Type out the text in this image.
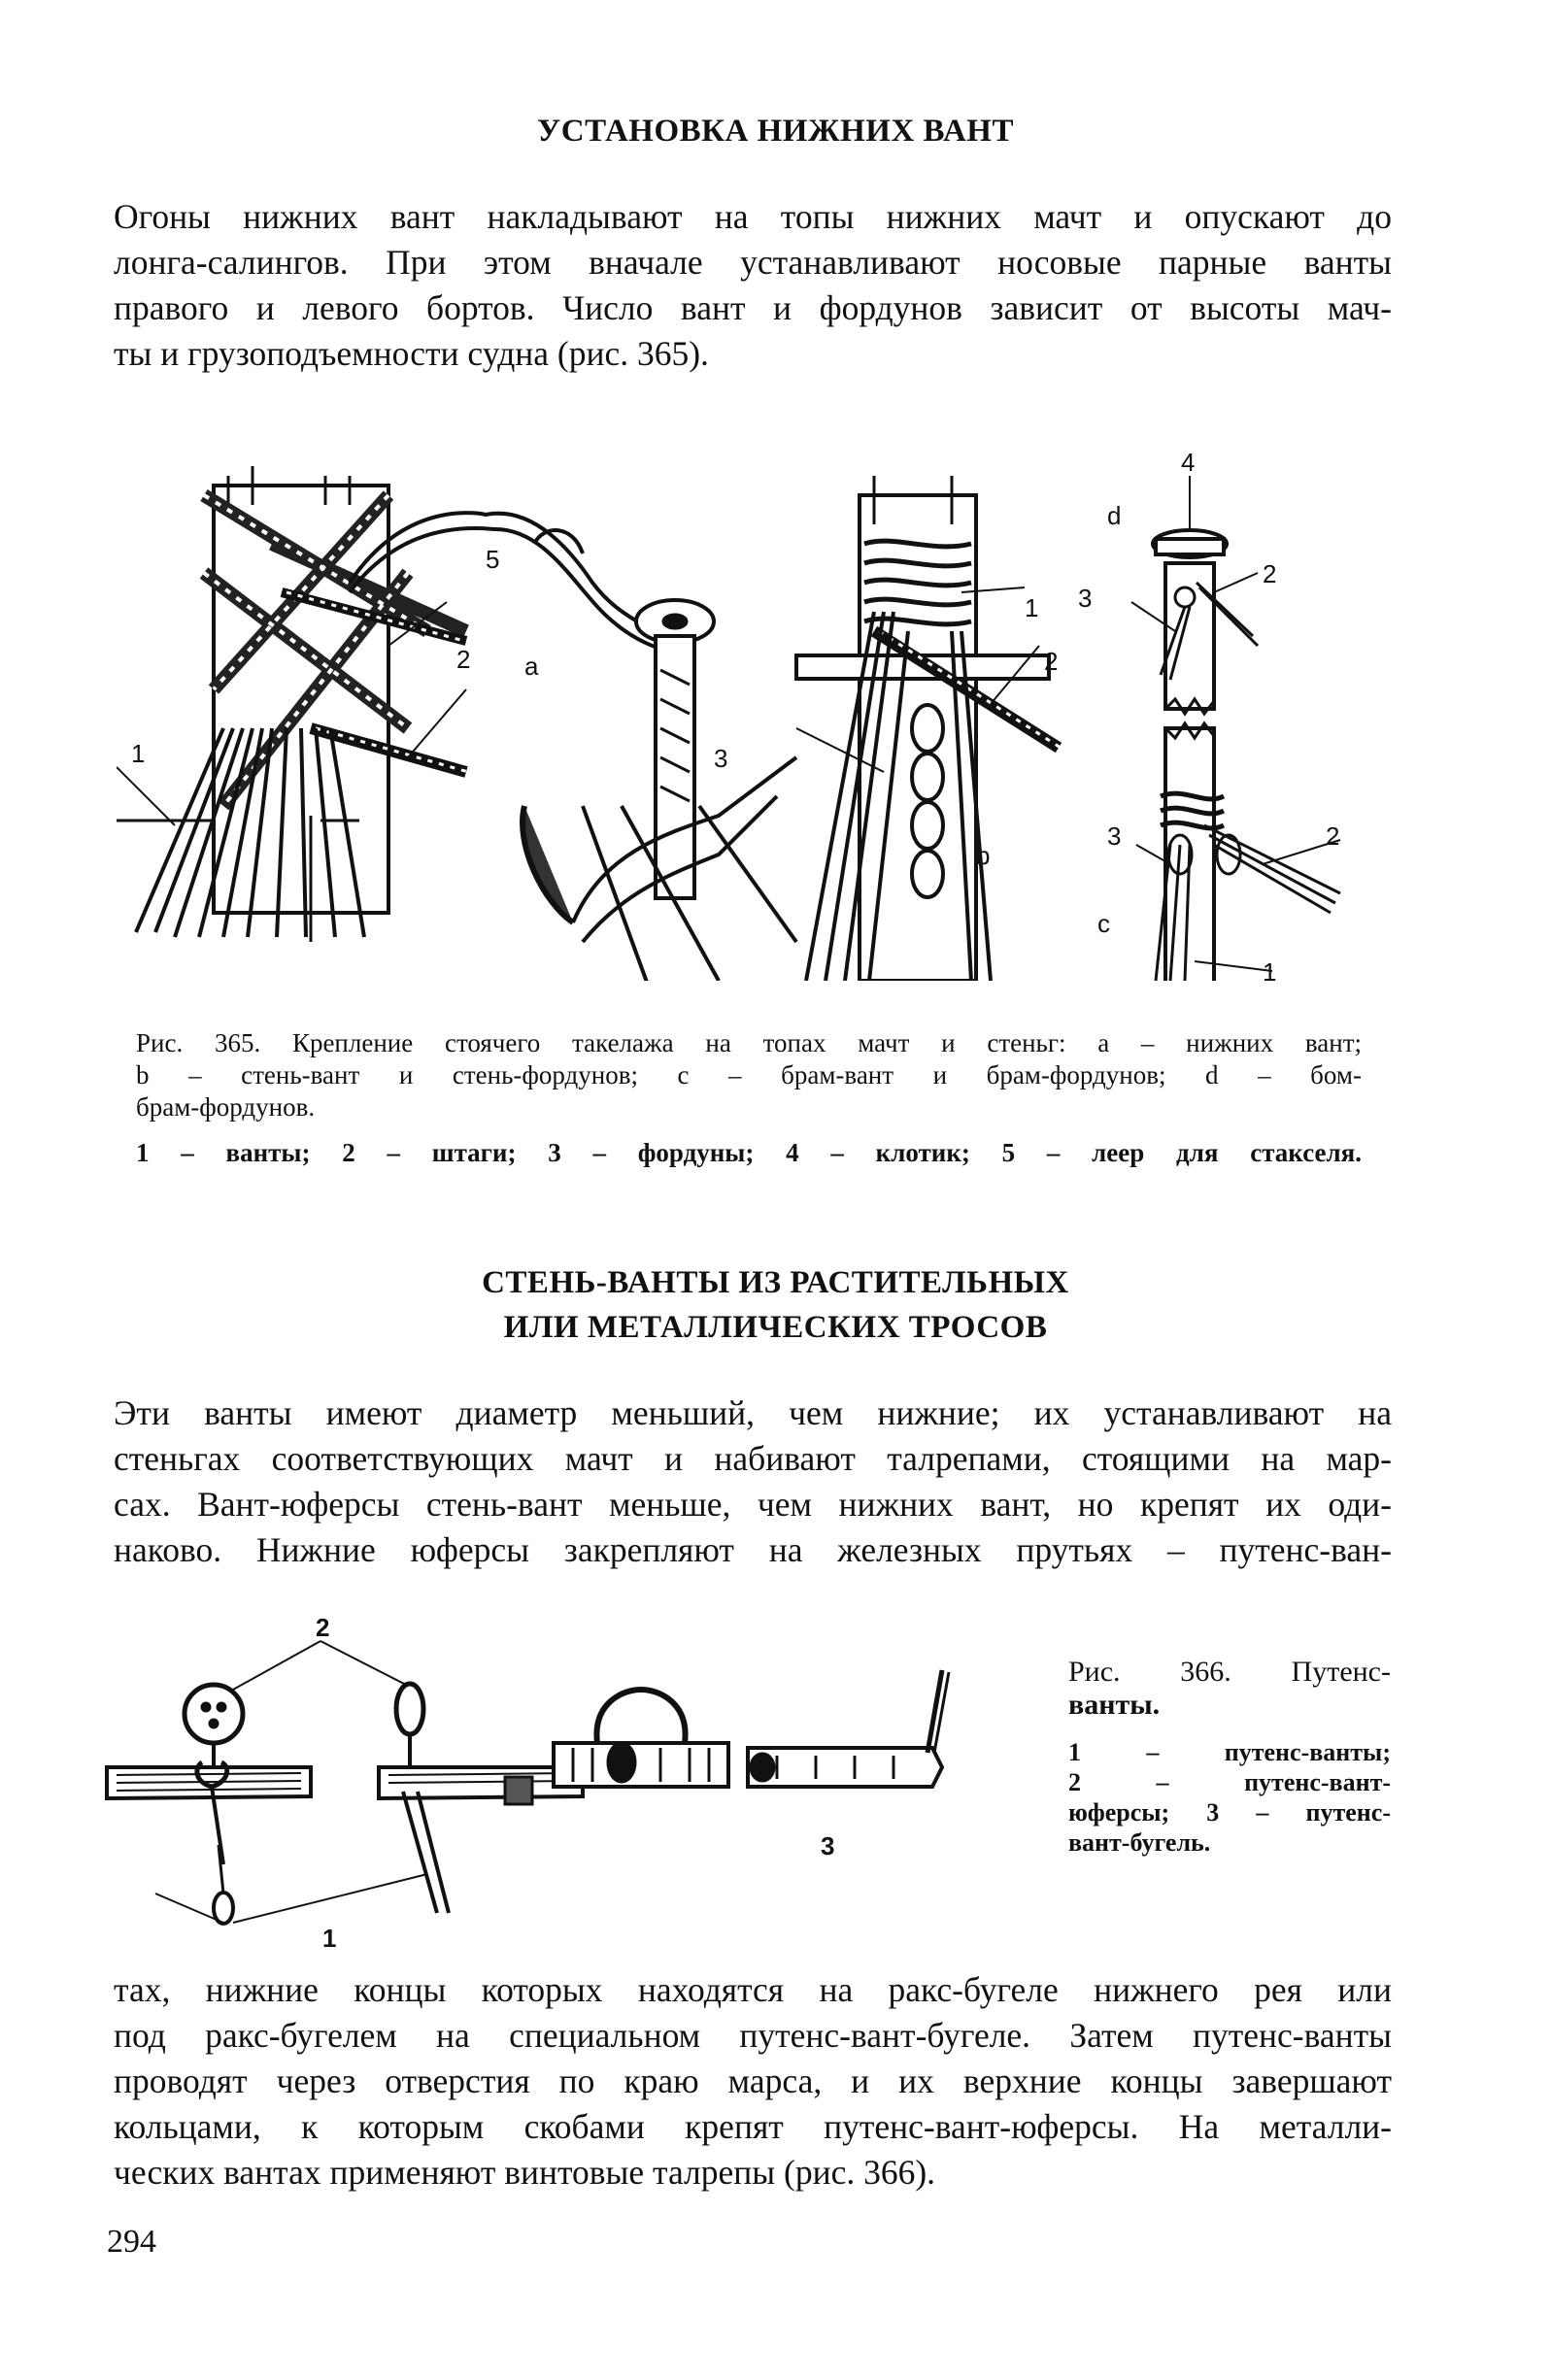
УСТАНОВКА НИЖНИХ ВАНТ
Огоны нижних вант накладывают на топы нижних мачт и опускают до
лонга-салингов. При этом вначале устанавливают носовые парные ванты
правого и левого бортов. Число вант и фордунов зависит от высоты мач-
ты и грузоподъемности судна (рис. 365).
5
2
1
a
3
1
2
b
4
d
3
2
3	2
c
1
Рис. 365. Крепление стоячего такелажа на топах мачт и стеньг: а – нижних вант;
b – стень-вант и стень-фордунов; с – брам-вант и брам-фордунов; d – бом-
брам-фордунов.
1 – ванты; 2 – штаги; 3 – фордуны; 4 – клотик; 5 – леер для стакселя.
СТЕНЬ-ВАНТЫ ИЗ РАСТИТЕЛЬНЫХ
ИЛИ МЕТАЛЛИЧЕСКИХ ТРОСОВ
Эти ванты имеют диаметр меньший, чем нижние; их устанавливают на
стеньгах соответствующих мачт и набивают талрепами, стоящими на мар-
сах. Вант-юферсы стень-вант меньше, чем нижних вант, но крепят их оди-
наково. Нижние юферсы закрепляют на железных прутьях – путенс-ван-
2
1
3
Рис. 366. Путенс-
ванты.
1 – путенс-ванты;
2 – путенс-вант-
юферсы; 3 – путенс-
вант-бугель.
тах, нижние концы которых находятся на ракс-бугеле нижнего рея или
под ракс-бугелем на специальном путенс-вант-бугеле. Затем путенс-ванты
проводят через отверстия по краю марса, и их верхние концы завершают
кольцами, к которым скобами крепят путенс-вант-юферсы. На металли-
ческих вантах применяют винтовые талрепы (рис. 366).
294
